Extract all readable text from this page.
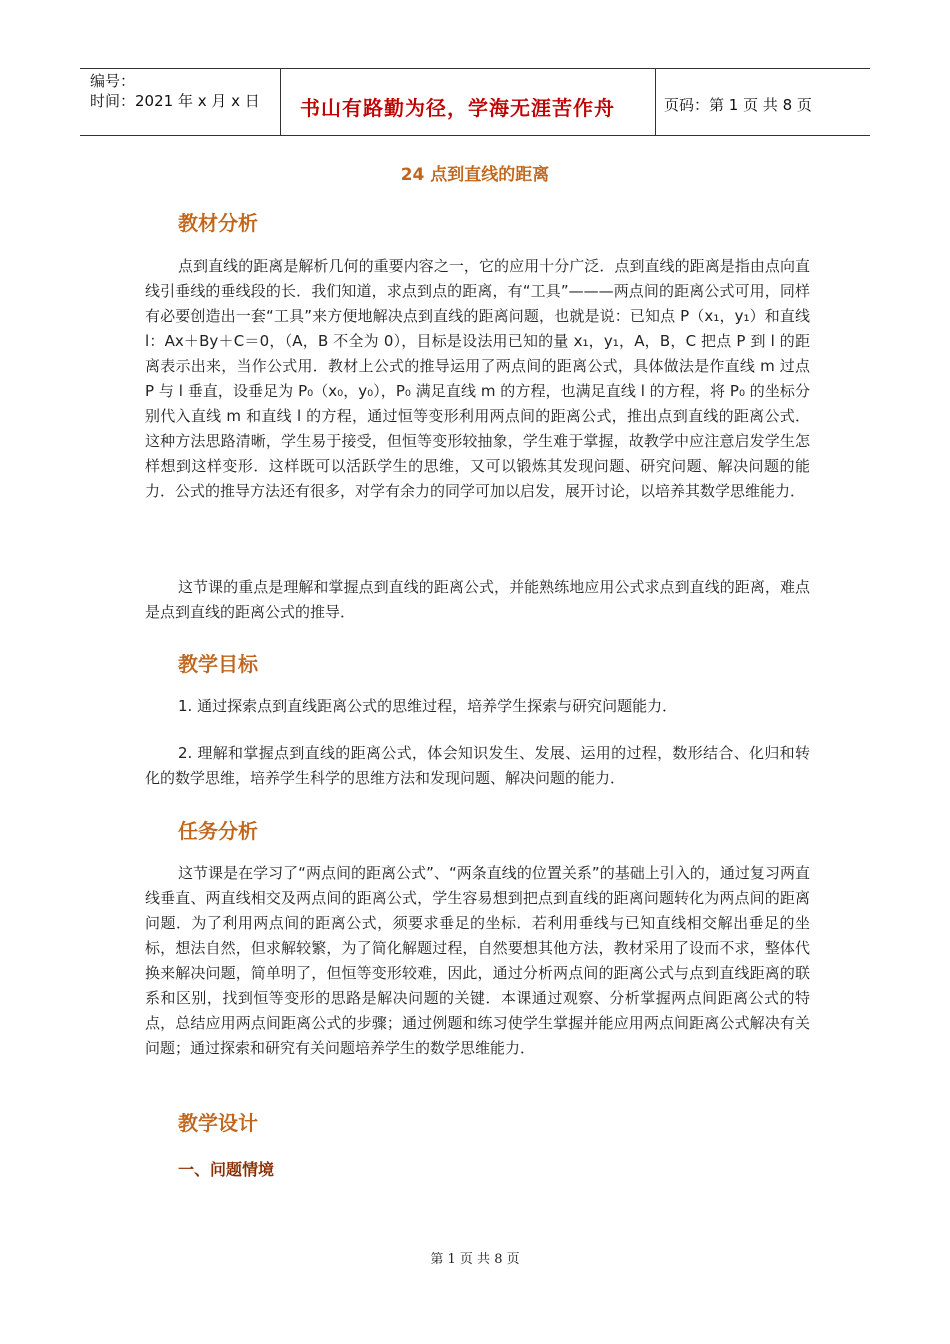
编号：
时间：2021 年 x 月 x 日 书山有路勤为径，学海无涯苦作舟	页码：第 1 页 共 8 页
24 点到直线的距离
教材分析

点到直线的距离是解析几何的重要内容之一，它的应用十分广泛．点到直线的距离是指由点向直线引垂线的垂线段的长．我们知道，求点到点的距离，有“工具”———两点间的距离公式可用，同样有必要创造出一套“工具”来方便地解决点到直线的距离问题，也就是说：已知点 P（x₁，y₁）和直线 l：Ax＋By＋C＝0，（A，B 不全为 0），目标是设法用已知的量 x₁，y₁，A，B，C 把点 P 到 l 的距离表示出来，当作公式用．教材上公式的推导运用了两点间的距离公式，具体做法是作直线 m 过点 P 与 l 垂直，设垂足为 P₀（x₀，y₀），P₀ 满足直线 m 的方程，也满足直线 l 的方程，将 P₀ 的坐标分别代入直线 m 和直线 l 的方程，通过恒等变形利用两点间的距离公式，推出点到直线的距离公式．这种方法思路清晰，学生易于接受，但恒等变形较抽象，学生难于掌握，故教学中应注意启发学生怎样想到这样变形．这样既可以活跃学生的思维，又可以锻炼其发现问题、研究问题、解决问题的能力．公式的推导方法还有很多，对学有余力的同学可加以启发，展开讨论，以培养其数学思维能力．

这节课的重点是理解和掌握点到直线的距离公式，并能熟练地应用公式求点到直线的距离，难点是点到直线的距离公式的推导．

教学目标

1. 通过探索点到直线距离公式的思维过程，培养学生探索与研究问题能力．

2. 理解和掌握点到直线的距离公式，体会知识发生、发展、运用的过程，数形结合、化归和转化的数学思维，培养学生科学的思维方法和发现问题、解决问题的能力．

任务分析

这节课是在学习了“两点间的距离公式”、“两条直线的位置关系”的基础上引入的，通过复习两直线垂直、两直线相交及两点间的距离公式，学生容易想到把点到直线的距离问题转化为两点间的距离问题．为了利用两点间的距离公式，须要求垂足的坐标．若利用垂线与已知直线相交解出垂足的坐标，想法自然，但求解较繁，为了简化解题过程，自然要想其他方法，教材采用了设而不求，整体代换来解决问题，简单明了，但恒等变形较难，因此，通过分析两点间的距离公式与点到直线距离的联系和区别，找到恒等变形的思路是解决问题的关键．本课通过观察、分析掌握两点间距离公式的特点，总结应用两点间距离公式的步骤；通过例题和练习使学生掌握并能应用两点间距离公式解决有关问题；通过探索和研究有关问题培养学生的数学思维能力．

教学设计
一、问题情境
第 1 页 共 8 页
